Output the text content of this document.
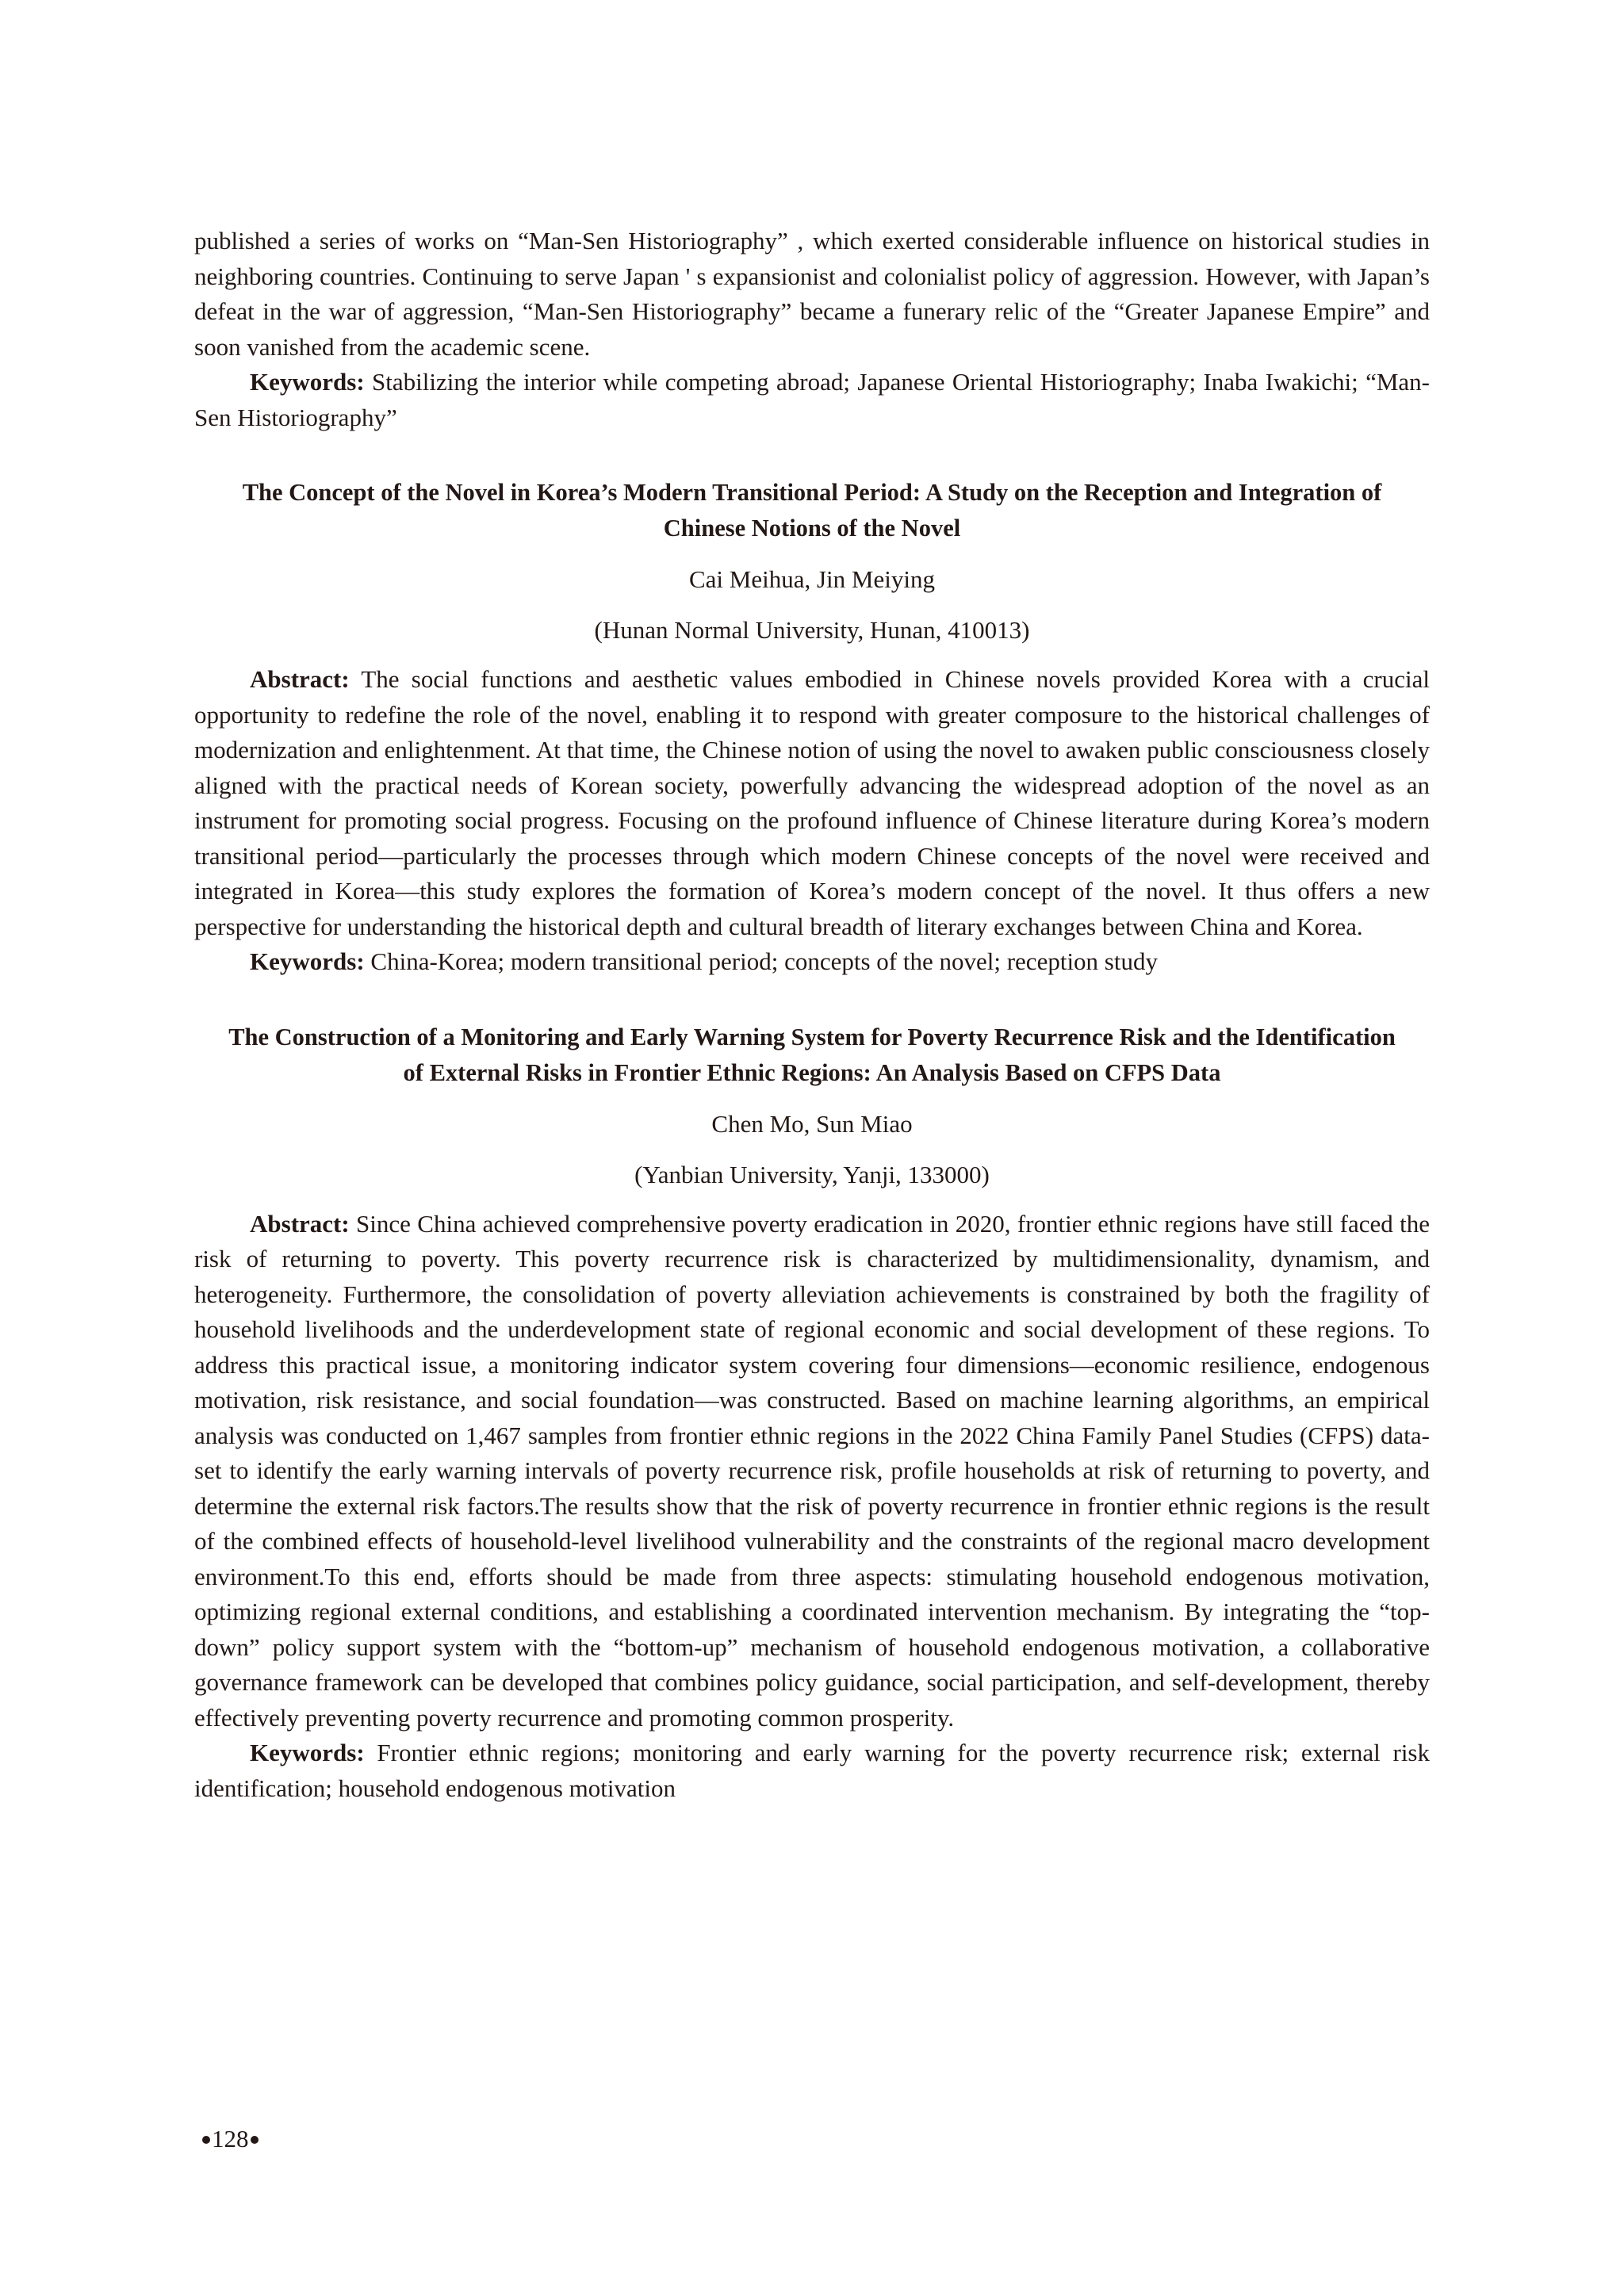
published a series of works on “Man-Sen Historiography” , which exerted considerable influence on historical studies in neighboring countries. Continuing to serve Japan ' s expansionist and colonialist policy of aggression. However, with Japan’s defeat in the war of aggression, “Man-Sen Historiography” became a funerary relic of the “Greater Japanese Empire” and soon vanished from the academic scene.

Keywords: Stabilizing the interior while competing abroad; Japanese Oriental Historiography; Inaba Iwakichi; “Man-Sen Historiography”

The Concept of the Novel in Korea’s Modern Transitional Period: A Study on the Reception and Integration of Chinese Notions of the Novel

Cai Meihua, Jin Meiying

(Hunan Normal University, Hunan, 410013)

Abstract: The social functions and aesthetic values embodied in Chinese novels provided Korea with a crucial opportunity to redefine the role of the novel, enabling it to respond with greater composure to the historical challenges of modernization and enlightenment. At that time, the Chinese notion of using the novel to awaken public consciousness closely aligned with the practical needs of Korean society, powerfully advancing the widespread adoption of the novel as an instrument for promoting social progress. Focusing on the profound influence of Chinese literature during Korea’s modern transitional period—particularly the processes through which modern Chinese concepts of the novel were received and integrated in Korea—this study explores the formation of Korea’s modern concept of the novel. It thus offers a new perspective for understanding the historical depth and cultural breadth of literary exchanges between China and Korea.

Keywords: China-Korea; modern transitional period; concepts of the novel; reception study

The Construction of a Monitoring and Early Warning System for Poverty Recurrence Risk and the Identification of External Risks in Frontier Ethnic Regions: An Analysis Based on CFPS Data

Chen Mo, Sun Miao

(Yanbian University, Yanji, 133000)

Abstract: Since China achieved comprehensive poverty eradication in 2020, frontier ethnic regions have still faced the risk of returning to poverty. This poverty recurrence risk is characterized by multidimensionality, dynamism, and heterogeneity. Furthermore, the consolidation of poverty alleviation achievements is constrained by both the fragility of household livelihoods and the underdevelopment state of regional economic and social development of these regions. To address this practical issue, a monitoring indicator system covering four dimensions—economic resilience, endogenous motivation, risk resistance, and social foundation—was constructed. Based on machine learning algorithms, an empirical analysis was conducted on 1,467 samples from frontier ethnic regions in the 2022 China Family Panel Studies (CFPS) data-set to identify the early warning intervals of poverty recurrence risk, profile households at risk of returning to poverty, and determine the external risk factors.The results show that the risk of poverty recurrence in frontier ethnic regions is the result of the combined effects of household-level livelihood vulnerability and the constraints of the regional macro development environment.To this end, efforts should be made from three aspects: stimulating household endogenous motivation, optimizing regional external conditions, and establishing a coordinated intervention mechanism. By integrating the “top-down” policy support system with the “bottom-up” mechanism of household endogenous motivation, a collaborative governance framework can be developed that combines policy guidance, social participation, and self-development, thereby effectively preventing poverty recurrence and promoting common prosperity.

Keywords: Frontier ethnic regions; monitoring and early warning for the poverty recurrence risk; external risk identification; household endogenous motivation

128
